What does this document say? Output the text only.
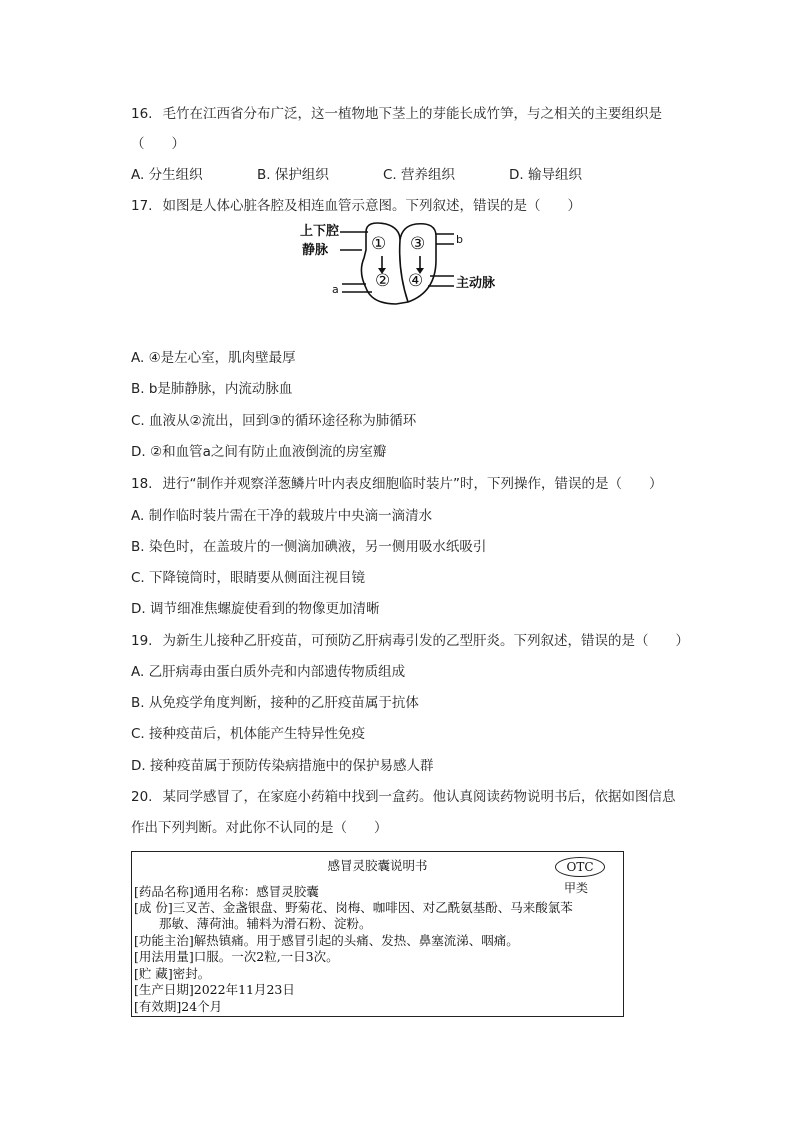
16. 毛竹在江西省分布广泛，这一植物地下茎上的芽能长成竹笋，与之相关的主要组织是
（　　）
A. 分生组织	B. 保护组织	C. 营养组织	D. 输导组织
17. 如图是人体心脏各腔及相连血管示意图。下列叙述，错误的是（　　）
上下腔
静脉
主动脉
a
b
① ③
② ④
A. ④是左心室，肌肉壁最厚
B. b是肺静脉，内流动脉血
C. 血液从②流出，回到③的循环途径称为肺循环
D. ②和血管a之间有防止血液倒流的房室瓣
18. 进行“制作并观察洋葱鳞片叶内表皮细胞临时装片”时，下列操作，错误的是（　　）
A. 制作临时装片需在干净的载玻片中央滴一滴清水
B. 染色时，在盖玻片的一侧滴加碘液，另一侧用吸水纸吸引
C. 下降镜筒时，眼睛要从侧面注视目镜
D. 调节细准焦螺旋使看到的物像更加清晰
19. 为新生儿接种乙肝疫苗，可预防乙肝病毒引发的乙型肝炎。下列叙述，错误的是（　　）
A. 乙肝病毒由蛋白质外壳和内部遗传物质组成
B. 从免疫学角度判断，接种的乙肝疫苗属于抗体
C. 接种疫苗后，机体能产生特异性免疫
D. 接种疫苗属于预防传染病措施中的保护易感人群
20. 某同学感冒了，在家庭小药箱中找到一盒药。他认真阅读药物说明书后，依据如图信息
作出下列判断。对此你不认同的是（　　）
感冒灵胶囊说明书	OTC
甲类
[药品名称]通用名称：感冒灵胶囊
[成 份]三叉苦、金盏银盘、野菊花、岗梅、咖啡因、对乙酰氨基酚、马来酸氯苯
　　那敏、薄荷油。辅料为滑石粉、淀粉。
[功能主治]解热镇痛。用于感冒引起的头痛、发热、鼻塞流涕、咽痛。
[用法用量]口服。一次2粒,一日3次。
[贮 藏]密封。
[生产日期]2022年11月23日
[有效期]24个月
